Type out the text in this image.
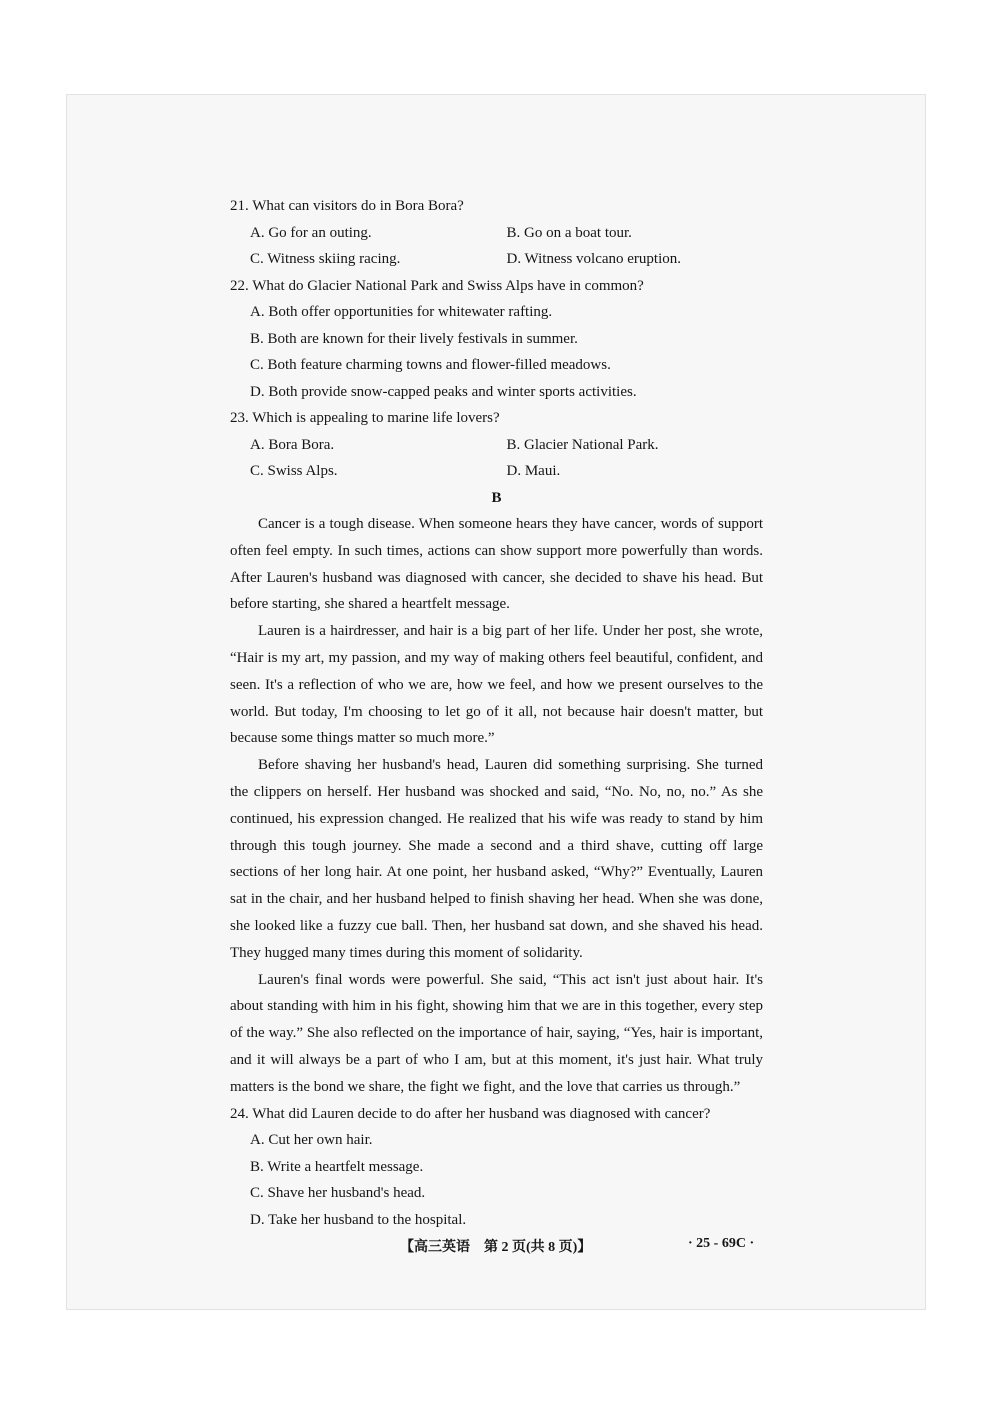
21. What can visitors do in Bora Bora?
A. Go for an outing.	B. Go on a boat tour.
C. Witness skiing racing.	D. Witness volcano eruption.
22. What do Glacier National Park and Swiss Alps have in common?
A. Both offer opportunities for whitewater rafting.
B. Both are known for their lively festivals in summer.
C. Both feature charming towns and flower-filled meadows.
D. Both provide snow-capped peaks and winter sports activities.
23. Which is appealing to marine life lovers?
A. Bora Bora.	B. Glacier National Park.
C. Swiss Alps.	D. Maui.
B

Cancer is a tough disease. When someone hears they have cancer, words of support often feel empty. In such times, actions can show support more powerfully than words. After Lauren's husband was diagnosed with cancer, she decided to shave his head. But before starting, she shared a heartfelt message.

Lauren is a hairdresser, and hair is a big part of her life. Under her post, she wrote, “Hair is my art, my passion, and my way of making others feel beautiful, confident, and seen. It's a reflection of who we are, how we feel, and how we present ourselves to the world. But today, I'm choosing to let go of it all, not because hair doesn't matter, but because some things matter so much more.”

Before shaving her husband's head, Lauren did something surprising. She turned the clippers on herself. Her husband was shocked and said, “No. No, no, no.” As she continued, his expression changed. He realized that his wife was ready to stand by him through this tough journey. She made a second and a third shave, cutting off large sections of her long hair. At one point, her husband asked, “Why?” Eventually, Lauren sat in the chair, and her husband helped to finish shaving her head. When she was done, she looked like a fuzzy cue ball. Then, her husband sat down, and she shaved his head. They hugged many times during this moment of solidarity.

Lauren's final words were powerful. She said, “This act isn't just about hair. It's about standing with him in his fight, showing him that we are in this together, every step of the way.” She also reflected on the importance of hair, saying, “Yes, hair is important, and it will always be a part of who I am, but at this moment, it's just hair. What truly matters is the bond we share, the fight we fight, and the love that carries us through.”

24. What did Lauren decide to do after her husband was diagnosed with cancer?
A. Cut her own hair.
B. Write a heartfelt message.
C. Shave her husband's head.
D. Take her husband to the hospital.
【高三英语　第 2 页(共 8 页)】	· 25 - 69C ·
